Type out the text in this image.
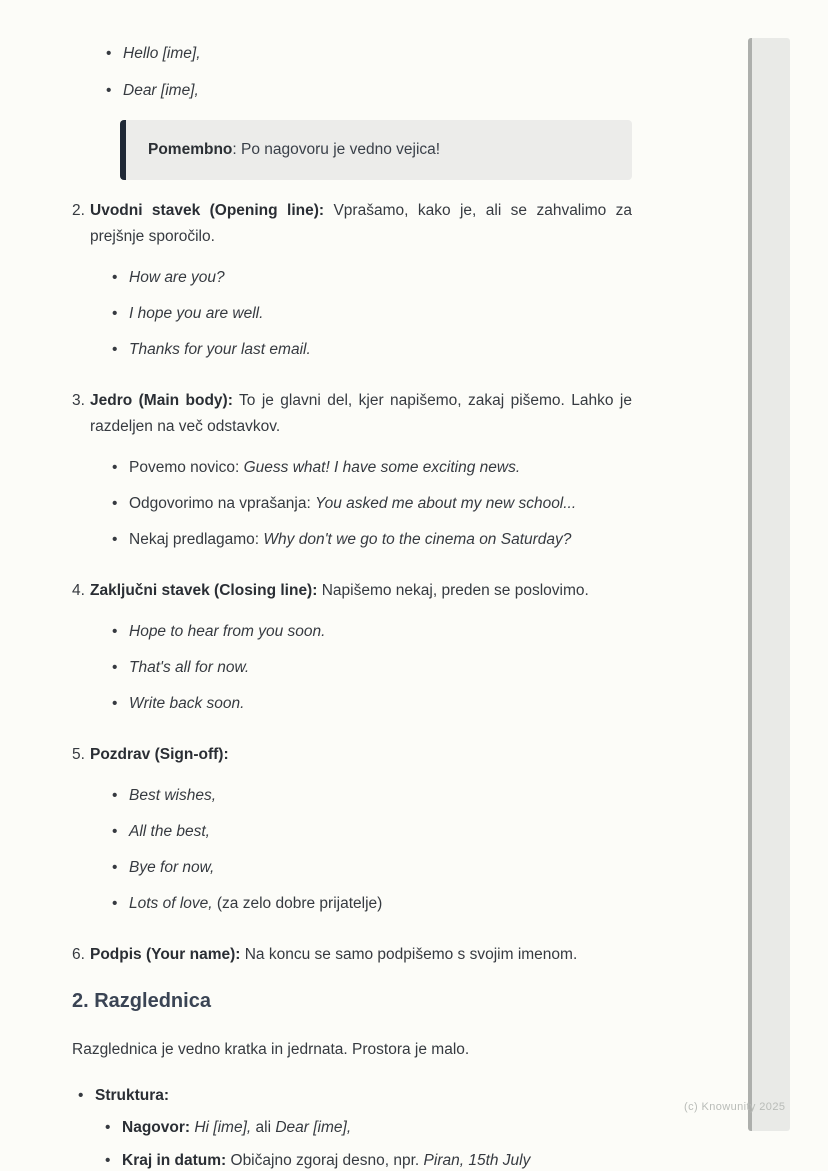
• Hello [ime],
• Dear [ime],
Pomembno: Po nagovoru je vedno vejica!
2. Uvodni stavek (Opening line): Vprašamo, kako je, ali se zahvalimo za prejšnje sporočilo.
• How are you?
• I hope you are well.
• Thanks for your last email.
3. Jedro (Main body): To je glavni del, kjer napišemo, zakaj pišemo. Lahko je razdeljen na več odstavkov.
• Povemo novico: Guess what! I have some exciting news.
• Odgovorimo na vprašanja: You asked me about my new school...
• Nekaj predlagamo: Why don't we go to the cinema on Saturday?
4. Zaključni stavek (Closing line): Napišemo nekaj, preden se poslovimo.
• Hope to hear from you soon.
• That's all for now.
• Write back soon.
5. Pozdrav (Sign-off):
• Best wishes,
• All the best,
• Bye for now,
• Lots of love, (za zelo dobre prijatelje)
6. Podpis (Your name): Na koncu se samo podpišemo s svojim imenom.
2. Razglednica
Razglednica je vedno kratka in jedrnata. Prostora je malo.
• Struktura:
• Nagovor: Hi [ime], ali Dear [ime],
• Kraj in datum: Običajno zgoraj desno, npr. Piran, 15th July
(c) Knowunity 2025
